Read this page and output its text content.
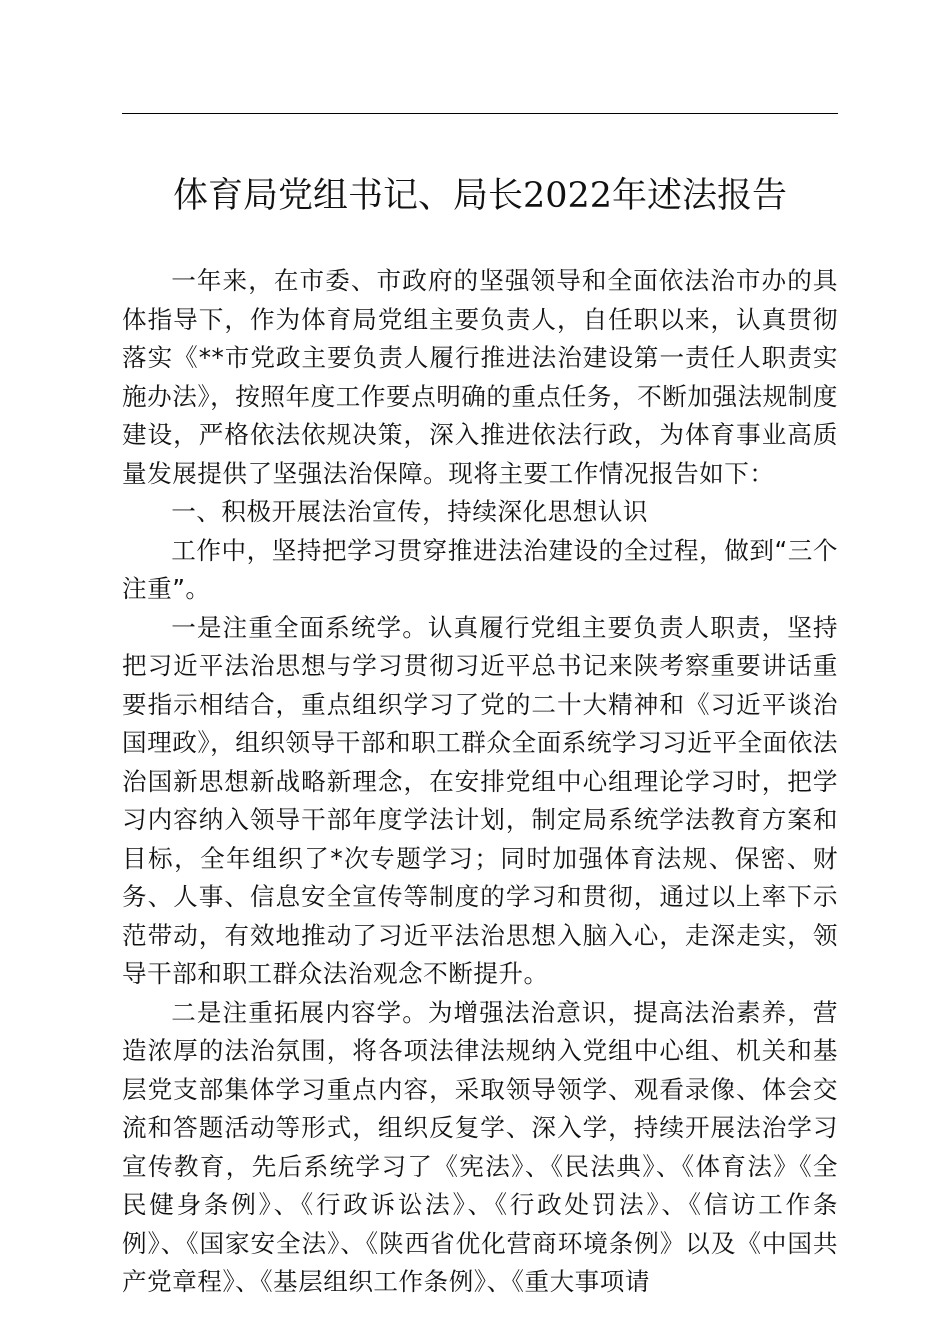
体育局党组书记、局长2022年述法报告

一年来，在市委、市政府的坚强领导和全面依法治市办的具体指导下，作为体育局党组主要负责人，自任职以来，认真贯彻落实《**市党政主要负责人履行推进法治建设第一责任人职责实施办法》，按照年度工作要点明确的重点任务，不断加强法规制度建设，严格依法依规决策，深入推进依法行政，为体育事业高质量发展提供了坚强法治保障。现将主要工作情况报告如下：

一、积极开展法治宣传，持续深化思想认识

工作中，坚持把学习贯穿推进法治建设的全过程，做到“三个注重”。

一是注重全面系统学。认真履行党组主要负责人职责，坚持把习近平法治思想与学习贯彻习近平总书记来陕考察重要讲话重要指示相结合，重点组织学习了党的二十大精神和《习近平谈治国理政》，组织领导干部和职工群众全面系统学习习近平全面依法治国新思想新战略新理念，在安排党组中心组理论学习时，把学习内容纳入领导干部年度学法计划，制定局系统学法教育方案和目标，全年组织了*次专题学习；同时加强体育法规、保密、财务、人事、信息安全宣传等制度的学习和贯彻，通过以上率下示范带动，有效地推动了习近平法治思想入脑入心，走深走实，领导干部和职工群众法治观念不断提升。

二是注重拓展内容学。为增强法治意识，提高法治素养，营造浓厚的法治氛围，将各项法律法规纳入党组中心组、机关和基层党支部集体学习重点内容，采取领导领学、观看录像、体会交流和答题活动等形式，组织反复学、深入学，持续开展法治学习宣传教育，先后系统学习了《宪法》、《民法典》、《体育法》《全民健身条例》、《行政诉讼法》、《行政处罚法》、《信访工作条例》、《国家安全法》、《陕西省优化营商环境条例》以及《中国共产党章程》、《基层组织工作条例》、《重大事项请
